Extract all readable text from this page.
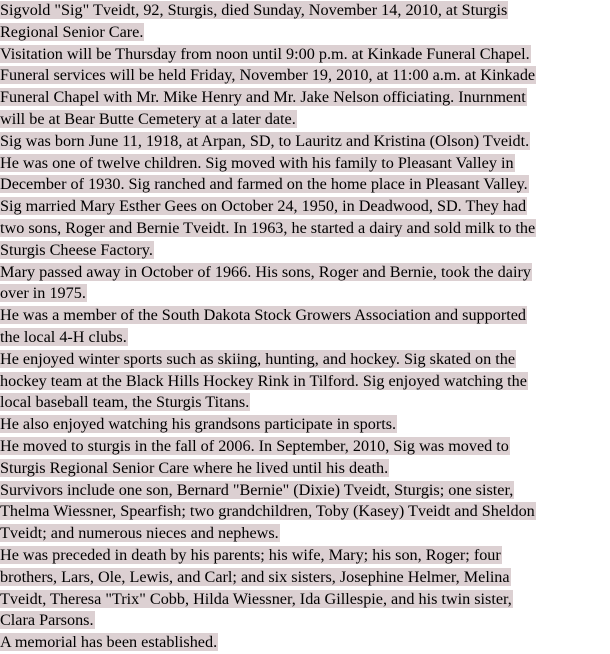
Sigvold "Sig" Tveidt, 92, Sturgis, died Sunday, November 14, 2010, at Sturgis
Regional Senior Care.
Visitation will be Thursday from noon until 9:00 p.m. at Kinkade Funeral Chapel.
Funeral services will be held Friday, November 19, 2010, at 11:00 a.m. at Kinkade
Funeral Chapel with Mr. Mike Henry and Mr. Jake Nelson officiating. Inurnment
will be at Bear Butte Cemetery at a later date.
Sig was born June 11, 1918, at Arpan, SD, to Lauritz and Kristina (Olson) Tveidt.
He was one of twelve children. Sig moved with his family to Pleasant Valley in
December of 1930. Sig ranched and farmed on the home place in Pleasant Valley.
Sig married Mary Esther Gees on October 24, 1950, in Deadwood, SD. They had
two sons, Roger and Bernie Tveidt. In 1963, he started a dairy and sold milk to the
Sturgis Cheese Factory.
Mary passed away in October of 1966. His sons, Roger and Bernie, took the dairy
over in 1975.
He was a member of the South Dakota Stock Growers Association and supported
the local 4-H clubs.
He enjoyed winter sports such as skiing, hunting, and hockey. Sig skated on the
hockey team at the Black Hills Hockey Rink in Tilford. Sig enjoyed watching the
local baseball team, the Sturgis Titans.
He also enjoyed watching his grandsons participate in sports.
He moved to sturgis in the fall of 2006. In September, 2010, Sig was moved to
Sturgis Regional Senior Care where he lived until his death.
Survivors include one son, Bernard "Bernie" (Dixie) Tveidt, Sturgis; one sister,
Thelma Wiessner, Spearfish; two grandchildren, Toby (Kasey) Tveidt and Sheldon
Tveidt; and numerous nieces and nephews.
He was preceded in death by his parents; his wife, Mary; his son, Roger; four
brothers, Lars, Ole, Lewis, and Carl; and six sisters, Josephine Helmer, Melina
Tveidt, Theresa "Trix" Cobb, Hilda Wiessner, Ida Gillespie, and his twin sister,
Clara Parsons.
A memorial has been established.
